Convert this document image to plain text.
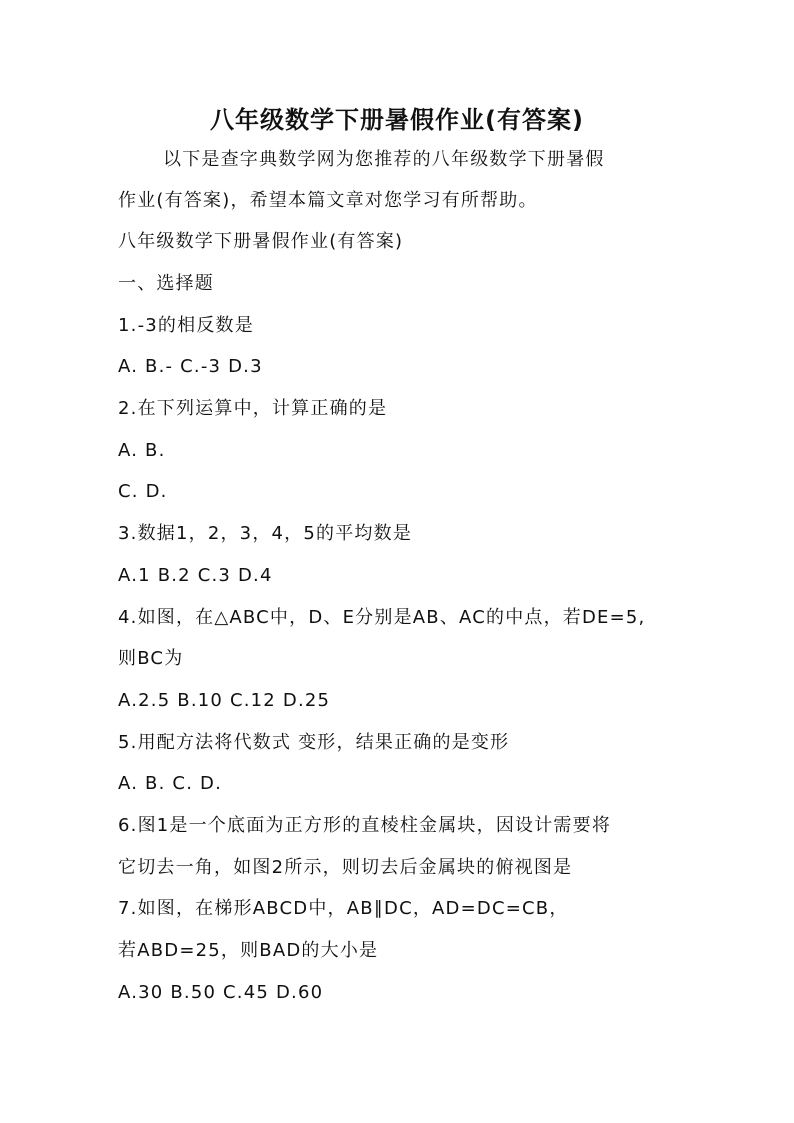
八年级数学下册暑假作业(有答案)
以下是查字典数学网为您推荐的八年级数学下册暑假
作业(有答案)，希望本篇文章对您学习有所帮助。
八年级数学下册暑假作业(有答案)
一、选择题
1.-3的相反数是
A. B.- C.-3 D.3
2.在下列运算中，计算正确的是
A. B.
C. D.
3.数据1，2，3，4，5的平均数是
A.1 B.2 C.3 D.4
4.如图，在△ABC中，D、E分别是AB、AC的中点，若DE=5,
则BC为
A.2.5 B.10 C.12 D.25
5.用配方法将代数式 变形，结果正确的是变形
A. B. C. D.
6.图1是一个底面为正方形的直棱柱金属块，因设计需要将
它切去一角，如图2所示，则切去后金属块的俯视图是
7.如图，在梯形ABCD中，AB∥DC，AD=DC=CB，
若ABD=25，则BAD的大小是
A.30 B.50 C.45 D.60
